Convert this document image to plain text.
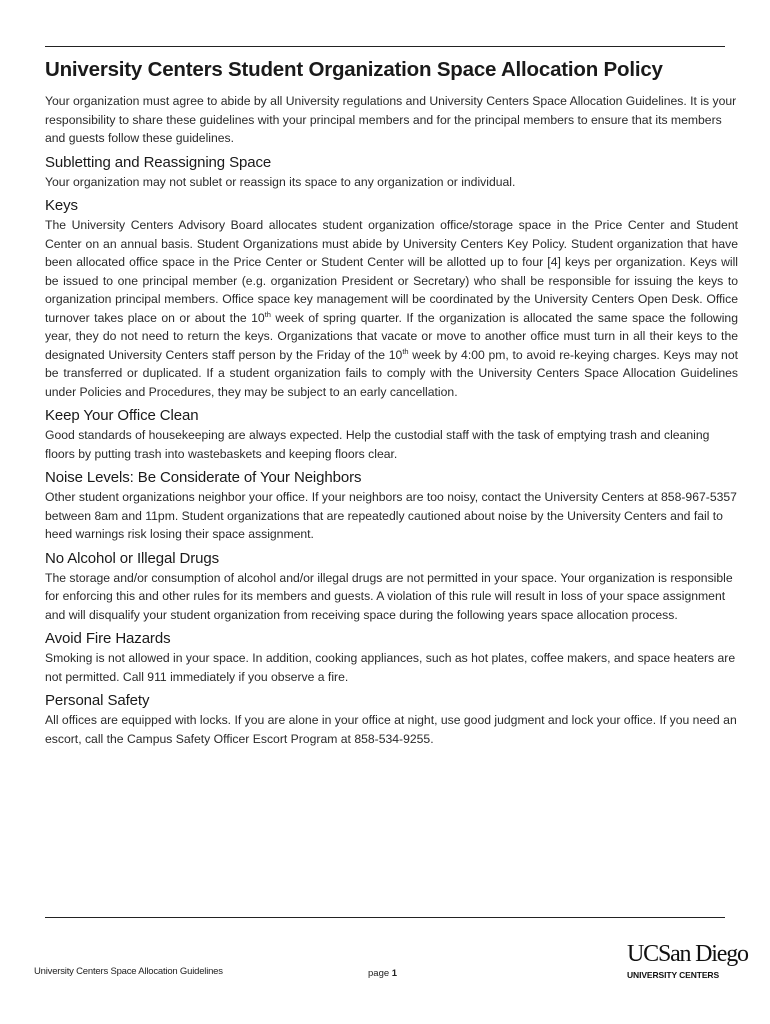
University Centers Student Organization Space Allocation Policy

Your organization must agree to abide by all University regulations and University Centers Space Allocation Guidelines. It is your responsibility to share these guidelines with your principal members and for the principal members to ensure that its members and guests follow these guidelines.

Subletting and Reassigning Space

Your organization may not sublet or reassign its space to any organization or individual.

Keys

The University Centers Advisory Board allocates student organization office/storage space in the Price Center and Student Center on an annual basis. Student Organizations must abide by University Centers Key Policy. Student organization that have been allocated office space in the Price Center or Student Center will be allotted up to four [4] keys per organization. Keys will be issued to one principal member (e.g. organization President or Secretary) who shall be responsible for issuing the keys to organization principal members. Office space key management will be coordinated by the University Centers Open Desk. Office turnover takes place on or about the 10th week of spring quarter. If the organization is allocated the same space the following year, they do not need to return the keys. Organizations that vacate or move to another office must turn in all their keys to the designated University Centers staff person by the Friday of the 10th week by 4:00 pm, to avoid re-keying charges. Keys may not be transferred or duplicated. If a student organization fails to comply with the University Centers Space Allocation Guidelines under Policies and Procedures, they may be subject to an early cancellation.

Keep Your Office Clean

Good standards of housekeeping are always expected. Help the custodial staff with the task of emptying trash and cleaning floors by putting trash into wastebaskets and keeping floors clear.

Noise Levels: Be Considerate of Your Neighbors

Other student organizations neighbor your office. If your neighbors are too noisy, contact the University Centers at 858-967-5357 between 8am and 11pm. Student organizations that are repeatedly cautioned about noise by the University Centers and fail to heed warnings risk losing their space assignment.

No Alcohol or Illegal Drugs

The storage and/or consumption of alcohol and/or illegal drugs are not permitted in your space. Your organization is responsible for enforcing this and other rules for its members and guests. A violation of this rule will result in loss of your space assignment and will disqualify your student organization from receiving space during the following years space allocation process.

Avoid Fire Hazards

Smoking is not allowed in your space. In addition, cooking appliances, such as hot plates, coffee makers, and space heaters are not permitted. Call 911 immediately if you observe a fire.

Personal Safety

All offices are equipped with locks. If you are alone in your office at night, use good judgment and lock your office. If you need an escort, call the Campus Safety Officer Escort Program at 858-534-9255.

University Centers Space Allocation Guidelines	page 1
UCSan Diego
UNIVERSITY CENTERS
